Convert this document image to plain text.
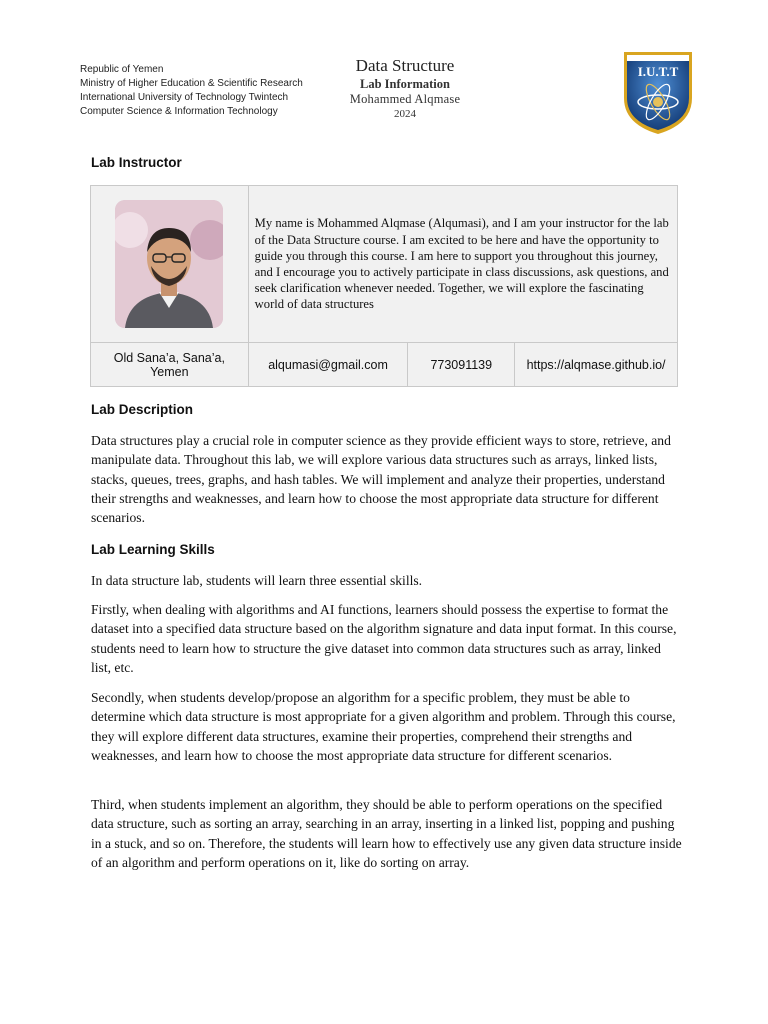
Republic of Yemen
Ministry of Higher Education & Scientific Research
International University of Technology Twintech
Computer Science & Information Technology
Data Structure
Lab Information
Mohammed Alqmase
2024
I.U.T.T
Lab Instructor
	My name is Mohammed Alqmase (Alqumasi), and I am your instructor for the lab of the Data Structure course. I am excited to be here and have the opportunity to guide you through this course. I am here to support you throughout this journey, and I encourage you to actively participate in class discussions, ask questions, and seek clarification whenever needed. Together, we will explore the fascinating world of data structures		

Old Sana’a, Sana’a,
Yemen	alqumasi@gmail.com	773091139	https://alqmase.github.io/
Lab Description

Data structures play a crucial role in computer science as they provide efficient ways to store, retrieve, and manipulate data. Throughout this lab, we will explore various data structures such as arrays, linked lists, stacks, queues, trees, graphs, and hash tables. We will implement and analyze their properties, understand their strengths and weaknesses, and learn how to choose the most appropriate data structure for different scenarios.

Lab Learning Skills

In data structure lab, students will learn three essential skills.

Firstly, when dealing with algorithms and AI functions, learners should possess the expertise to format the dataset into a specified data structure based on the algorithm signature and data input format. In this course, students need to learn how to structure the give dataset into common data structures such as array, linked list, etc.

Secondly, when students develop/propose an algorithm for a specific problem, they must be able to determine which data structure is most appropriate for a given algorithm and problem. Through this course, they will explore different data structures, examine their properties, comprehend their strengths and weaknesses, and learn how to choose the most appropriate data structure for different scenarios.

Third, when students implement an algorithm, they should be able to perform operations on the specified data structure, such as sorting an array, searching in an array, inserting in a linked list, popping and pushing in a stuck, and so on. Therefore, the students will learn how to effectively use any given data structure inside of an algorithm and perform operations on it, like do sorting on array.
